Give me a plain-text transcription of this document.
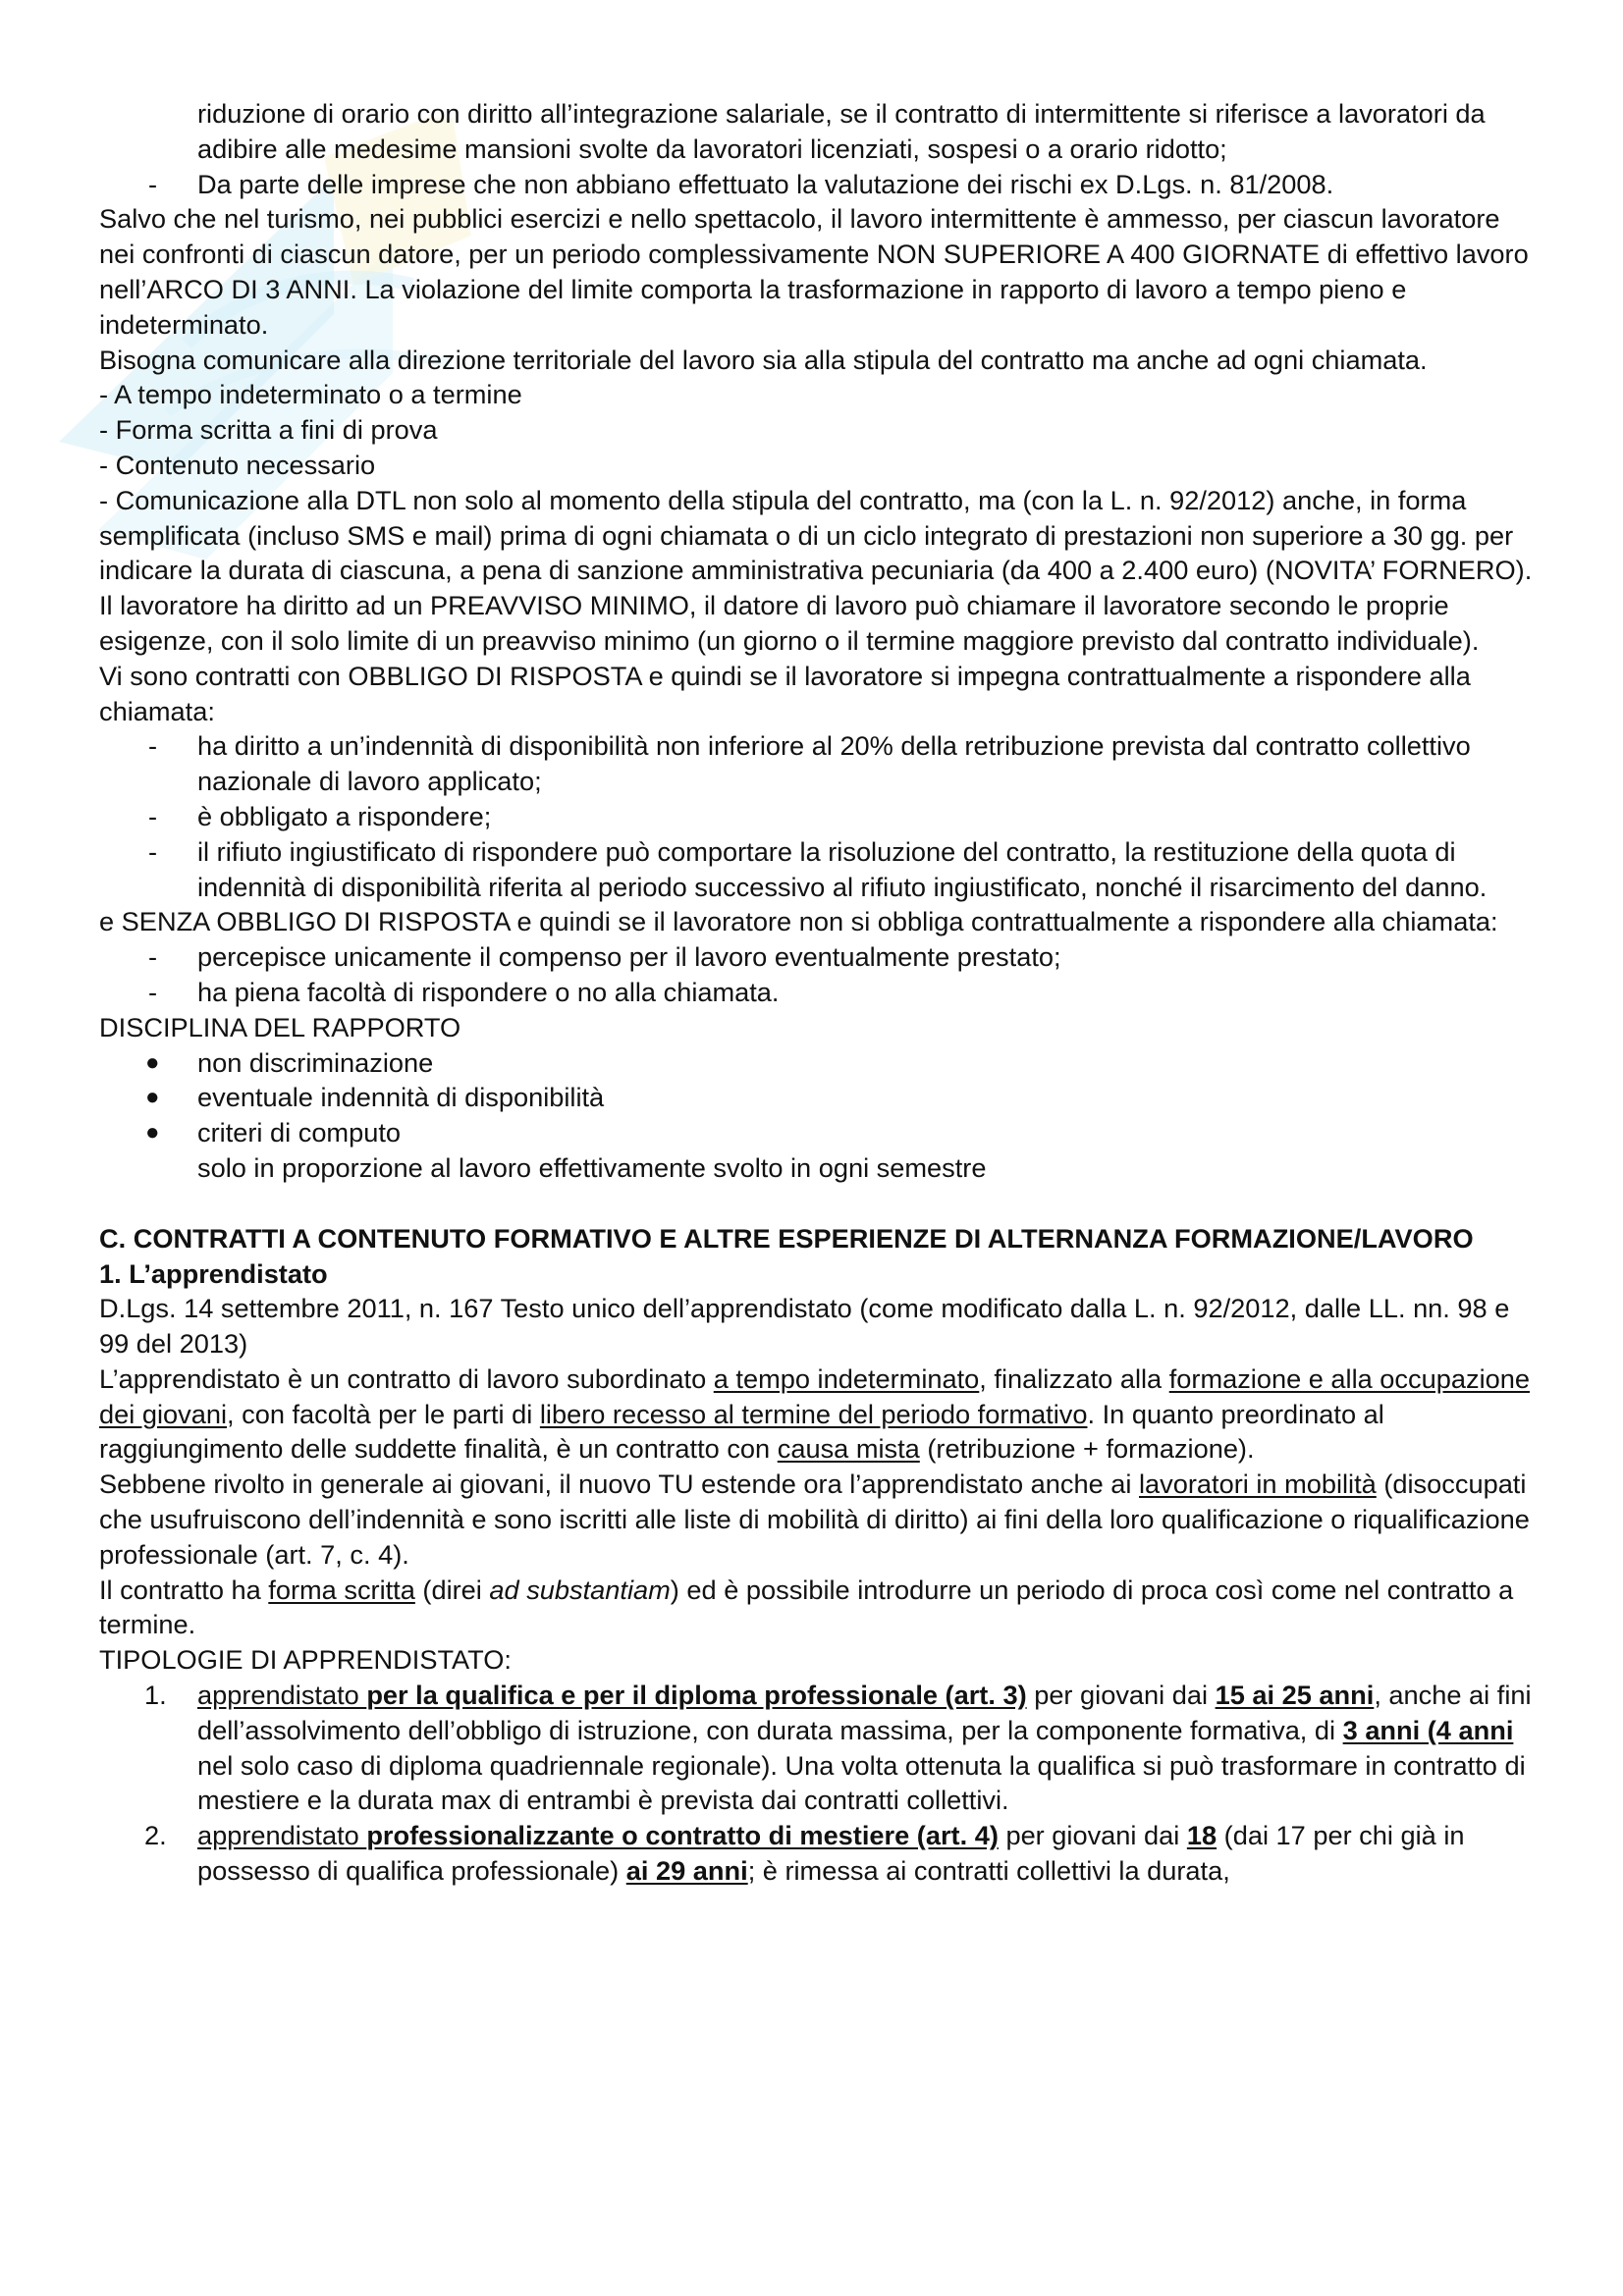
riduzione di orario con diritto all’integrazione salariale, se il contratto di intermittente si riferisce a lavoratori da adibire alle medesime mansioni svolte da lavoratori licenziati, sospesi o a orario ridotto;

-	Da parte delle imprese che non abbiano effettuato la valutazione dei rischi ex D.Lgs. n. 81/2008.

Salvo che nel turismo, nei pubblici esercizi e nello spettacolo, il lavoro intermittente è ammesso, per ciascun lavoratore nei confronti di ciascun datore, per un periodo complessivamente NON SUPERIORE A 400 GIORNATE di effettivo lavoro nell’ARCO DI 3 ANNI. La violazione del limite comporta la trasformazione in rapporto di lavoro a tempo pieno e indeterminato.

Bisogna comunicare alla direzione territoriale del lavoro sia alla stipula del contratto ma anche ad ogni chiamata.

- A tempo indeterminato o a termine

- Forma scritta a fini di prova

- Contenuto necessario

- Comunicazione alla DTL non solo al momento della stipula del contratto, ma (con la L. n. 92/2012) anche, in forma semplificata (incluso SMS e mail) prima di ogni chiamata o di un ciclo integrato di prestazioni non superiore a 30 gg. per indicare la durata di ciascuna, a pena di sanzione amministrativa pecuniaria (da 400 a 2.400 euro) (NOVITA’ FORNERO).

Il lavoratore ha diritto ad un PREAVVISO MINIMO, il datore di lavoro può chiamare il lavoratore secondo le proprie esigenze, con il solo limite di un preavviso minimo (un giorno o il termine maggiore previsto dal contratto individuale).

Vi sono contratti con OBBLIGO DI RISPOSTA e quindi se il lavoratore si impegna contrattualmente a rispondere alla chiamata:

-	ha diritto a un’indennità di disponibilità non inferiore al 20% della retribuzione prevista dal contratto collettivo nazionale di lavoro applicato;
-	è obbligato a rispondere;
-	il rifiuto ingiustificato di rispondere può comportare la risoluzione del contratto, la restituzione della quota di indennità di disponibilità riferita al periodo successivo al rifiuto ingiustificato, nonché il risarcimento del danno.

e SENZA OBBLIGO DI RISPOSTA e quindi se il lavoratore non si obbliga contrattualmente a rispondere alla chiamata:

-	percepisce unicamente il compenso per il lavoro eventualmente prestato;
-	ha piena facoltà di rispondere o no alla chiamata.

DISCIPLINA DEL RAPPORTO

●	non discriminazione
●	eventuale indennità di disponibilità
●	criteri di computo

solo in proporzione al lavoro effettivamente svolto in ogni semestre

C. CONTRATTI A CONTENUTO FORMATIVO E ALTRE ESPERIENZE DI ALTERNANZA FORMAZIONE/LAVORO

1. L’apprendistato

D.Lgs. 14 settembre 2011, n. 167 Testo unico dell’apprendistato (come modificato dalla L. n. 92/2012, dalle LL. nn. 98 e 99 del 2013)

L’apprendistato è un contratto di lavoro subordinato a tempo indeterminato, finalizzato alla formazione e alla occupazione dei giovani, con facoltà per le parti di libero recesso al termine del periodo formativo. In quanto preordinato al raggiungimento delle suddette finalità, è un contratto con causa mista (retribuzione + formazione).

Sebbene rivolto in generale ai giovani, il nuovo TU estende ora l’apprendistato anche ai lavoratori in mobilità (disoccupati che usufruiscono dell’indennità e sono iscritti alle liste di mobilità di diritto) ai fini della loro qualificazione o riqualificazione professionale (art. 7, c. 4).

Il contratto ha forma scritta (direi ad substantiam) ed è possibile introdurre un periodo di proca così come nel contratto a termine.

TIPOLOGIE DI APPRENDISTATO:

1.	apprendistato per la qualifica e per il diploma professionale (art. 3) per giovani dai 15 ai 25 anni, anche ai fini dell’assolvimento dell’obbligo di istruzione, con durata massima, per la componente formativa, di 3 anni (4 anni nel solo caso di diploma quadriennale regionale). Una volta ottenuta la qualifica si può trasformare in contratto di mestiere e la durata max di entrambi è prevista dai contratti collettivi.
2.	apprendistato professionalizzante o contratto di mestiere (art. 4) per giovani dai 18 (dai 17 per chi già in possesso di qualifica professionale) ai 29 anni; è rimessa ai contratti collettivi la durata,
